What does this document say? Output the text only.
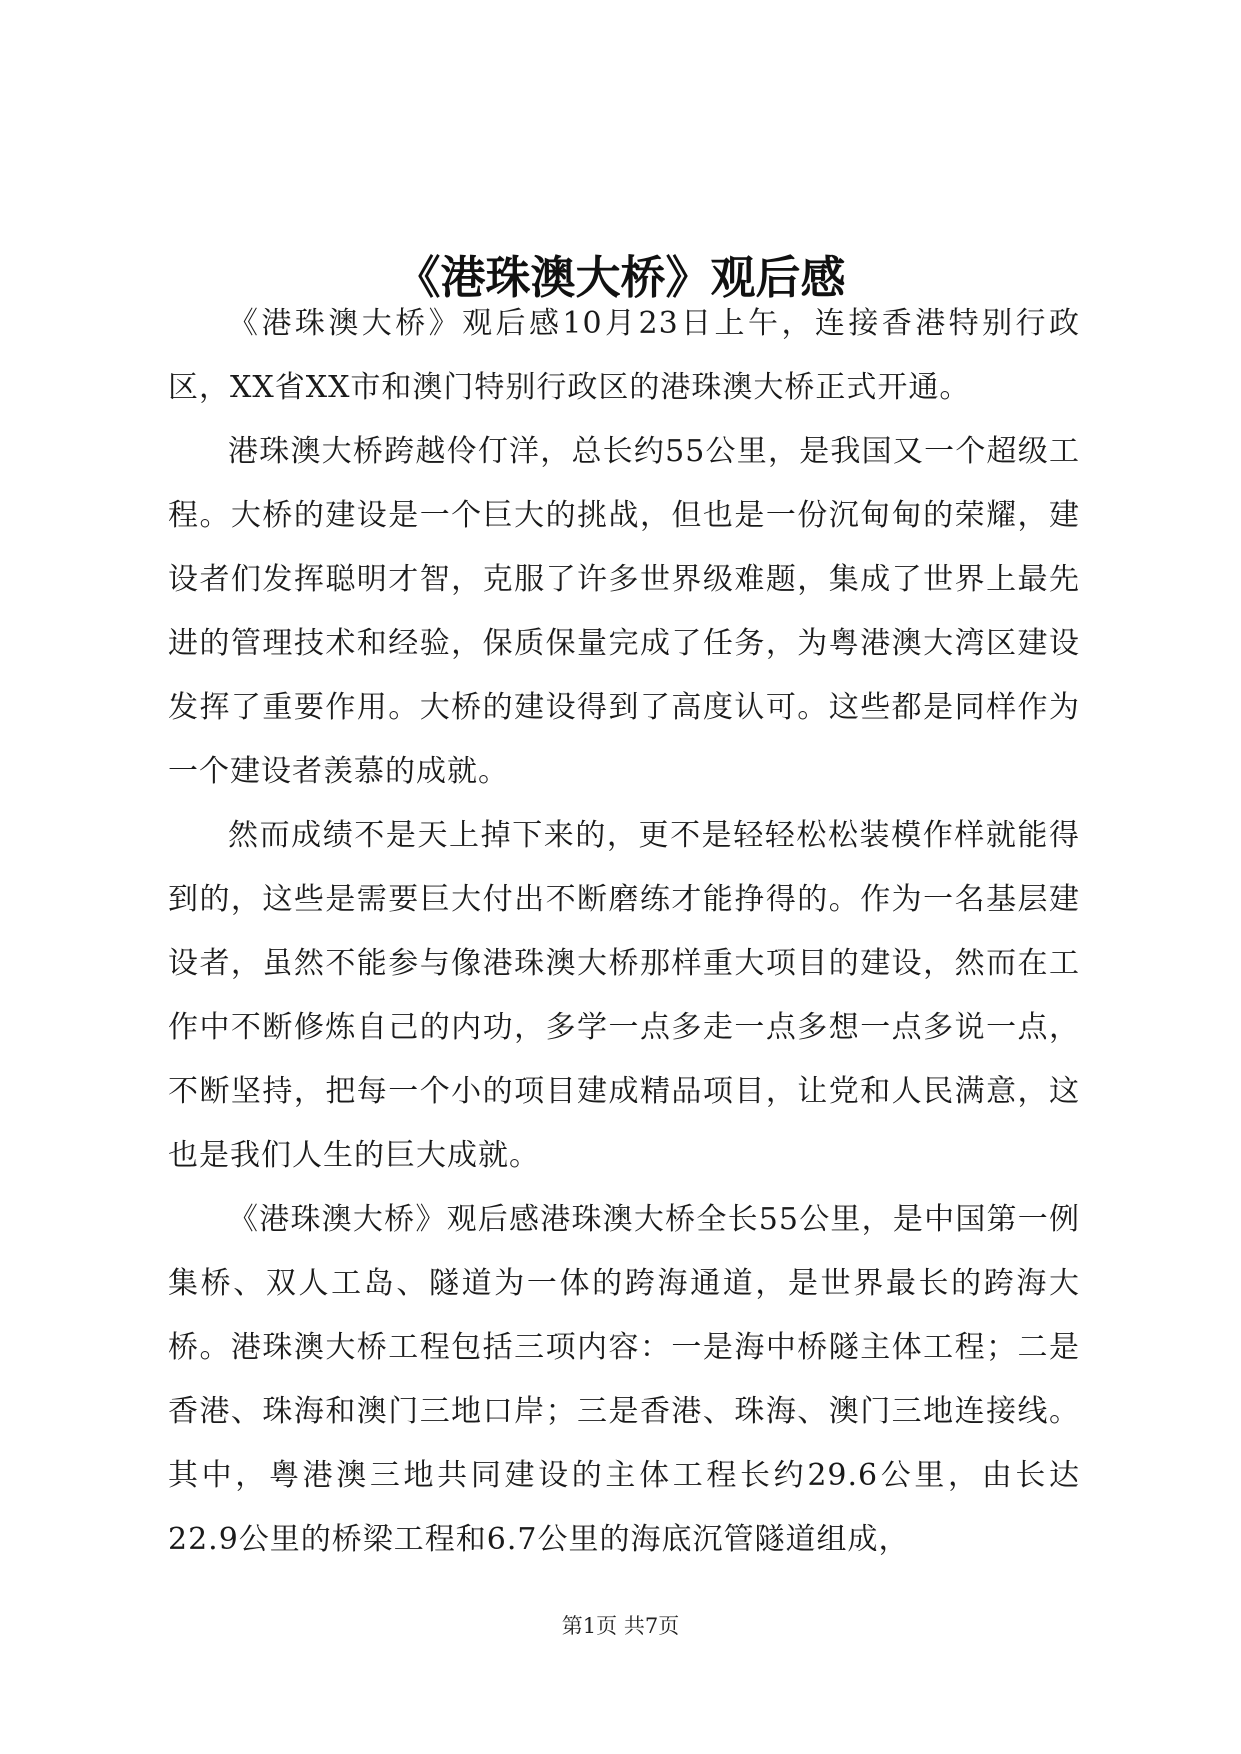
《港珠澳大桥》观后感

《港珠澳大桥》观后感10月23日上午，连接香港特别行政区，XX省XX市和澳门特别行政区的港珠澳大桥正式开通。

港珠澳大桥跨越伶仃洋，总长约55公里，是我国又一个超级工程。大桥的建设是一个巨大的挑战，但也是一份沉甸甸的荣耀，建设者们发挥聪明才智，克服了许多世界级难题，集成了世界上最先进的管理技术和经验，保质保量完成了任务，为粤港澳大湾区建设发挥了重要作用。大桥的建设得到了高度认可。这些都是同样作为一个建设者羡慕的成就。

然而成绩不是天上掉下来的，更不是轻轻松松装模作样就能得到的，这些是需要巨大付出不断磨练才能挣得的。作为一名基层建设者，虽然不能参与像港珠澳大桥那样重大项目的建设，然而在工作中不断修炼自己的内功，多学一点多走一点多想一点多说一点，不断坚持，把每一个小的项目建成精品项目，让党和人民满意，这也是我们人生的巨大成就。

《港珠澳大桥》观后感港珠澳大桥全长55公里，是中国第一例集桥、双人工岛、隧道为一体的跨海通道，是世界最长的跨海大桥。港珠澳大桥工程包括三项内容：一是海中桥隧主体工程；二是香港、珠海和澳门三地口岸；三是香港、珠海、澳门三地连接线。其中，粤港澳三地共同建设的主体工程长约29.6公里，由长达22.9公里的桥梁工程和6.7公里的海底沉管隧道组成，

第1页 共7页
